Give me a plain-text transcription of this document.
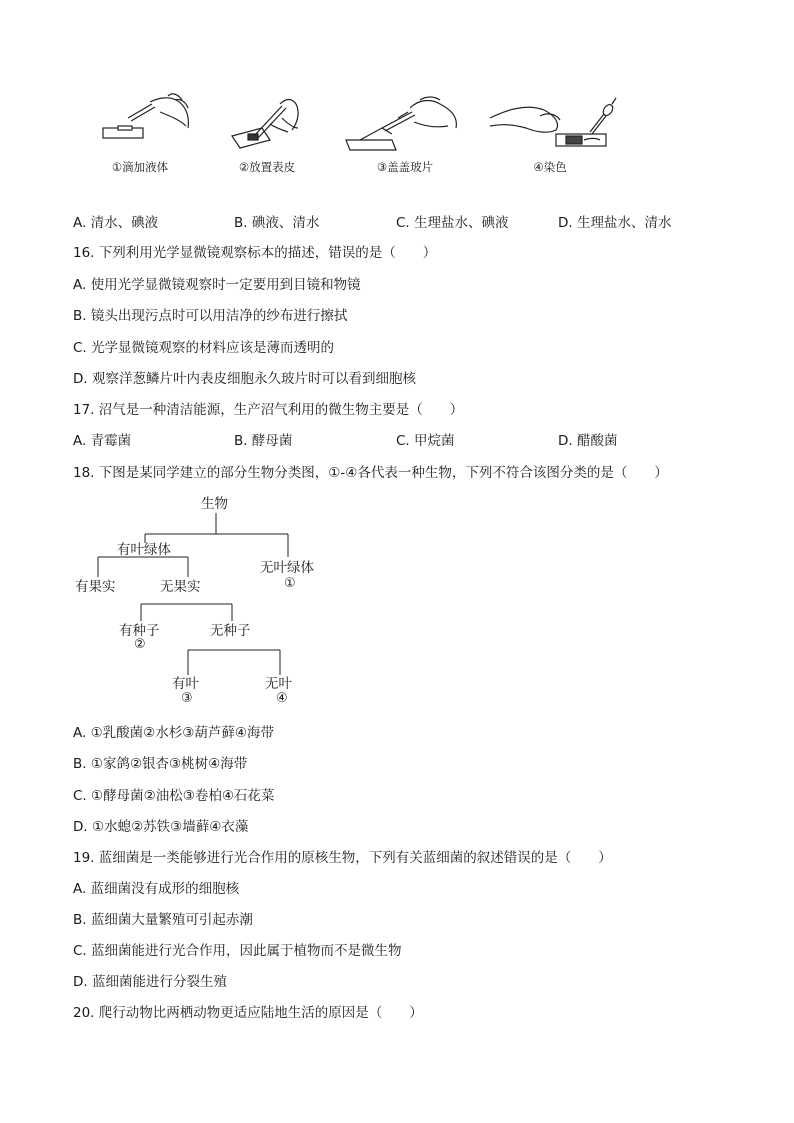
①滴加液体	②放置表皮	③盖盖玻片	④染色
A. 清水、碘液	B. 碘液、清水	C. 生理盐水、碘液	D. 生理盐水、清水
16. 下列利用光学显微镜观察标本的描述，错误的是（　　）
A. 使用光学显微镜观察时一定要用到目镜和物镜
B. 镜头出现污点时可以用洁净的纱布进行擦拭
C. 光学显微镜观察的材料应该是薄而透明的
D. 观察洋葱鳞片叶内表皮细胞永久玻片时可以看到细胞核
17. 沼气是一种清洁能源，生产沼气利用的微生物主要是（　　）
A. 青霉菌	B. 酵母菌	C. 甲烷菌	D. 醋酸菌
18. 下图是某同学建立的部分生物分类图，①-④各代表一种生物，下列不符合该图分类的是（　　）
生物
有叶绿体
无叶绿体
①
有果实	无果实
有种子
②
无种子
有叶
③
无叶
④
A. ①乳酸菌②水杉③葫芦藓④海带
B. ①家鸽②银杏③桃树④海带
C. ①酵母菌②油松③卷柏④石花菜
D. ①水螅②苏铁③墙藓④衣藻
19. 蓝细菌是一类能够进行光合作用的原核生物，下列有关蓝细菌的叙述错误的是（　　）
A. 蓝细菌没有成形的细胞核
B. 蓝细菌大量繁殖可引起赤潮
C. 蓝细菌能进行光合作用，因此属于植物而不是微生物
D. 蓝细菌能进行分裂生殖
20. 爬行动物比两栖动物更适应陆地生活的原因是（　　）
